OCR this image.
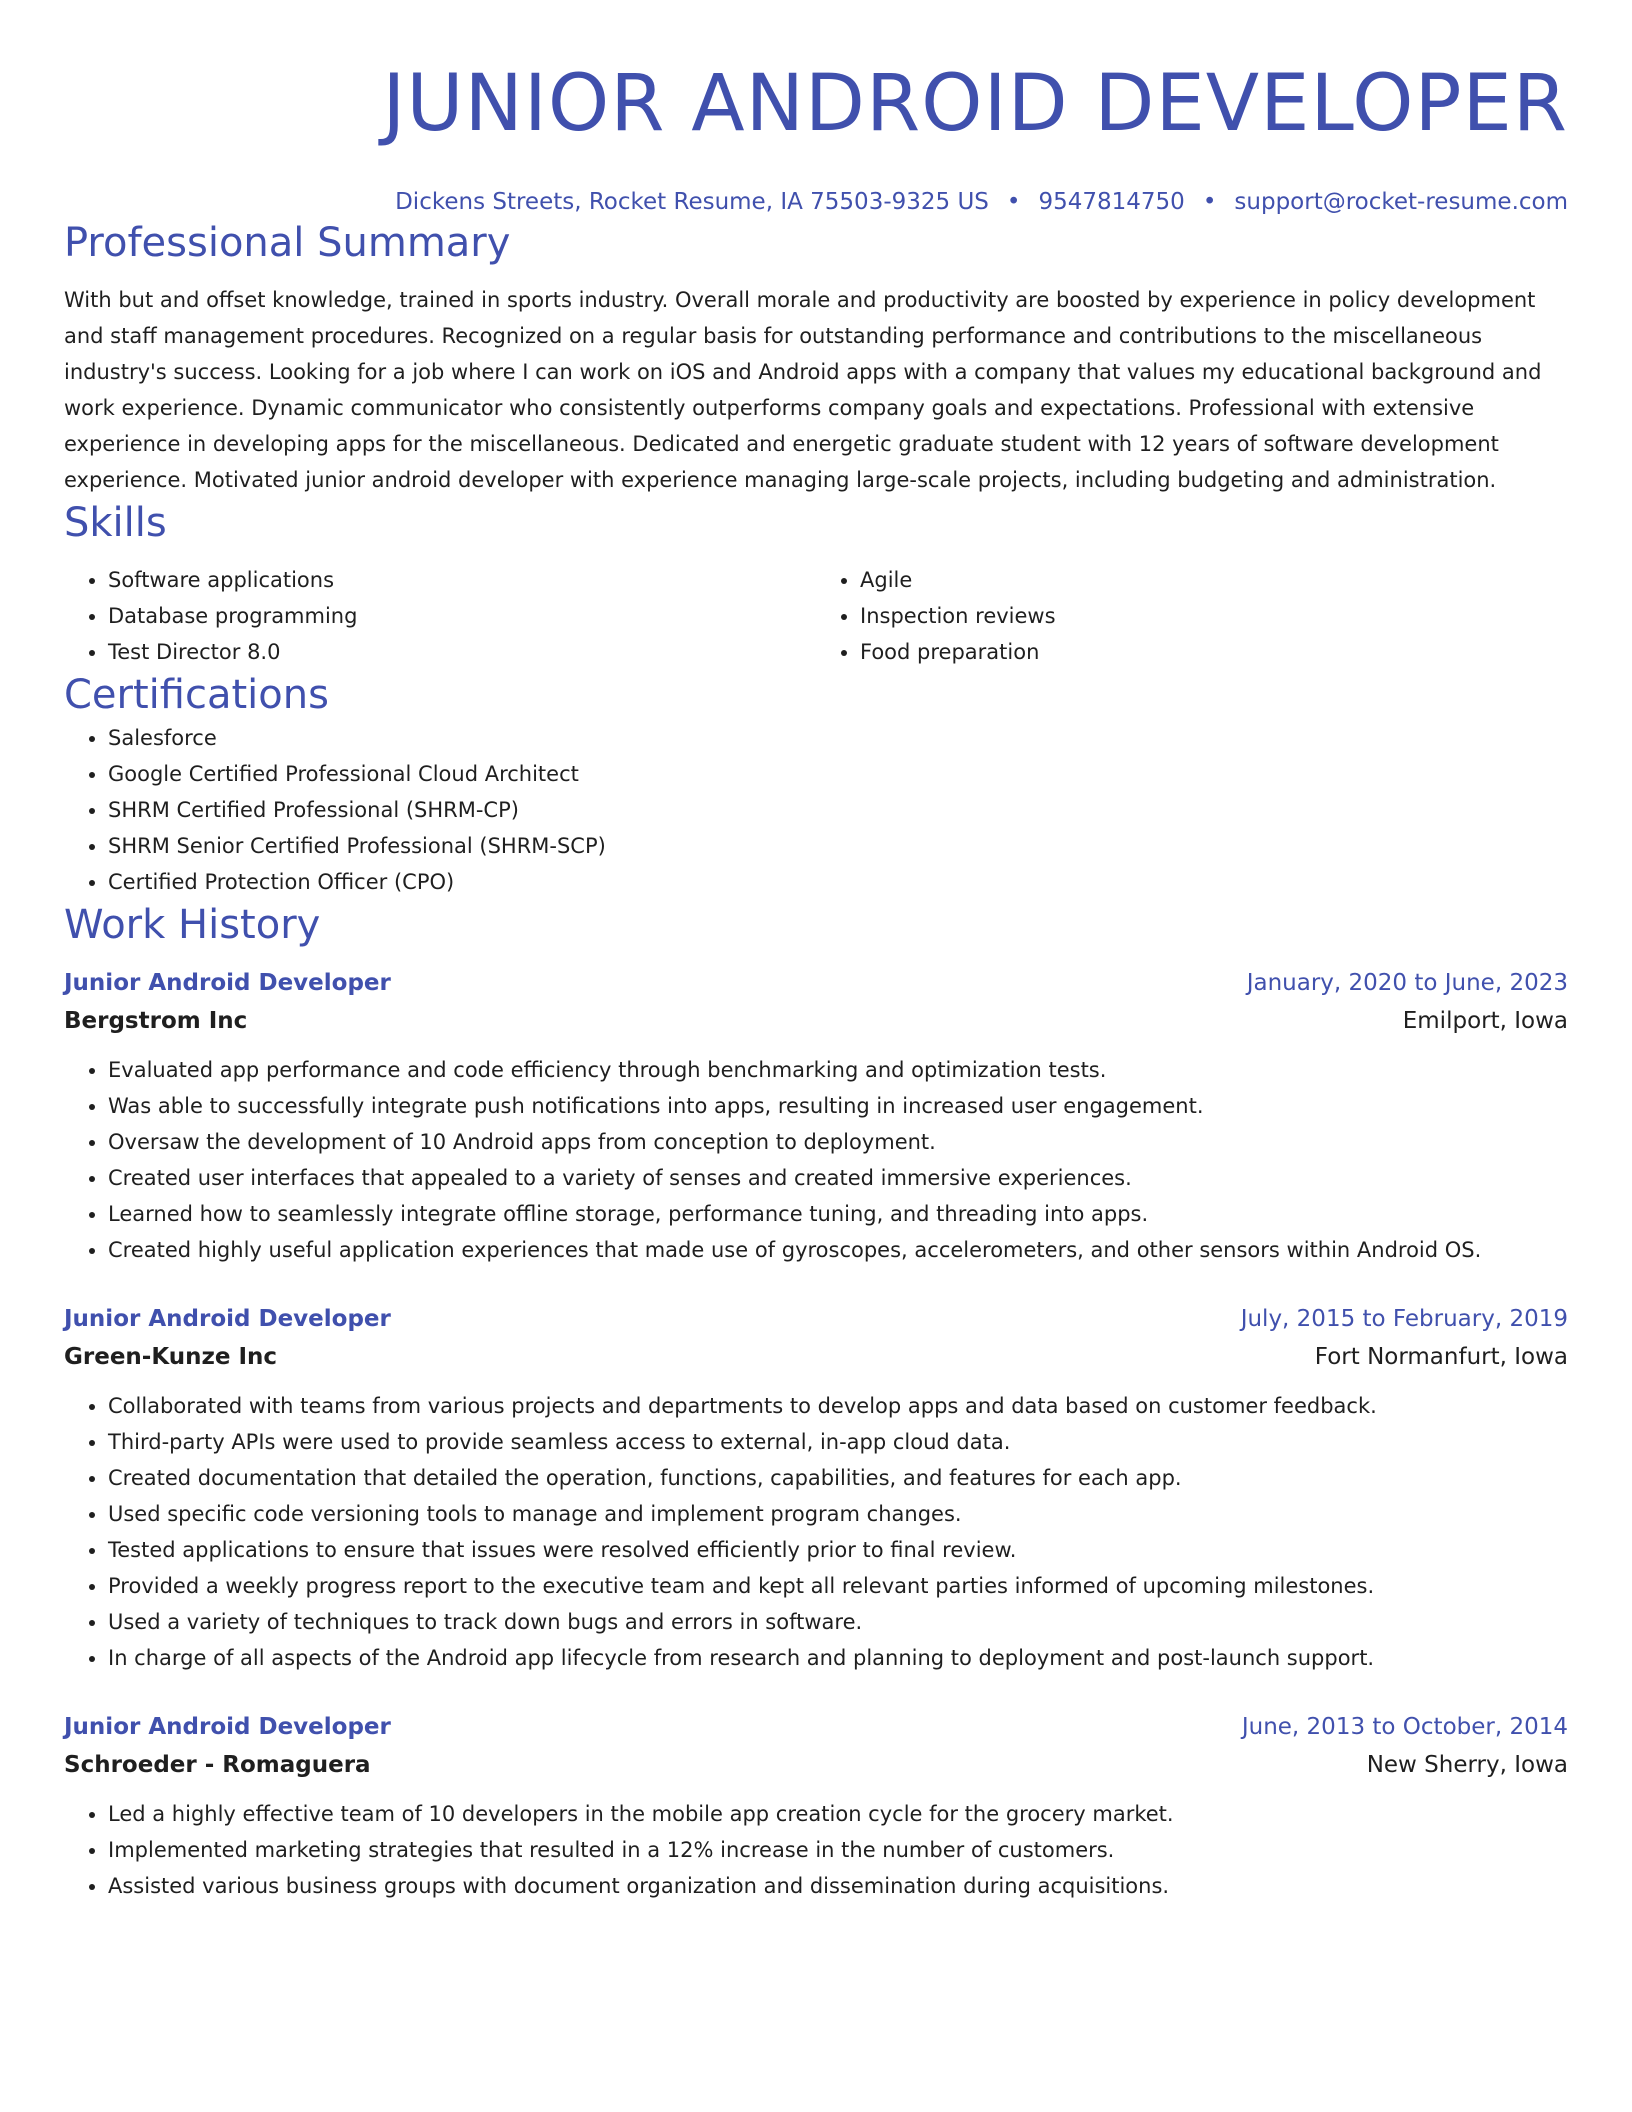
JUNIOR ANDROID DEVELOPER
Dickens Streets, Rocket Resume, IA 75503-9325 US • 9547814750 • support@rocket-resume.com
Professional Summary
With but and offset knowledge, trained in sports industry. Overall morale and productivity are boosted by experience in policy development and staff management procedures. Recognized on a regular basis for outstanding performance and contributions to the miscellaneous industry's success. Looking for a job where I can work on iOS and Android apps with a company that values my educational background and work experience. Dynamic communicator who consistently outperforms company goals and expectations. Professional with extensive experience in developing apps for the miscellaneous. Dedicated and energetic graduate student with 12 years of software development experience. Motivated junior android developer with experience managing large-scale projects, including budgeting and administration.
Skills
• Software applications
• Database programming
• Test Director 8.0
• Agile
• Inspection reviews
• Food preparation
Certifications
• Salesforce
• Google Certified Professional Cloud Architect
• SHRM Certified Professional (SHRM-CP)
• SHRM Senior Certified Professional (SHRM-SCP)
• Certified Protection Officer (CPO)
Work History
Junior Android Developer	January, 2020 to June, 2023
Bergstrom Inc	Emilport, Iowa
• Evaluated app performance and code efficiency through benchmarking and optimization tests.
• Was able to successfully integrate push notifications into apps, resulting in increased user engagement.
• Oversaw the development of 10 Android apps from conception to deployment.
• Created user interfaces that appealed to a variety of senses and created immersive experiences.
• Learned how to seamlessly integrate offline storage, performance tuning, and threading into apps.
• Created highly useful application experiences that made use of gyroscopes, accelerometers, and other sensors within Android OS.
Junior Android Developer	July, 2015 to February, 2019
Green-Kunze Inc	Fort Normanfurt, Iowa
• Collaborated with teams from various projects and departments to develop apps and data based on customer feedback.
• Third-party APIs were used to provide seamless access to external, in-app cloud data.
• Created documentation that detailed the operation, functions, capabilities, and features for each app.
• Used specific code versioning tools to manage and implement program changes.
• Tested applications to ensure that issues were resolved efficiently prior to final review.
• Provided a weekly progress report to the executive team and kept all relevant parties informed of upcoming milestones.
• Used a variety of techniques to track down bugs and errors in software.
• In charge of all aspects of the Android app lifecycle from research and planning to deployment and post-launch support.
Junior Android Developer	June, 2013 to October, 2014
Schroeder - Romaguera	New Sherry, Iowa
• Led a highly effective team of 10 developers in the mobile app creation cycle for the grocery market.
• Implemented marketing strategies that resulted in a 12% increase in the number of customers.
• Assisted various business groups with document organization and dissemination during acquisitions.
